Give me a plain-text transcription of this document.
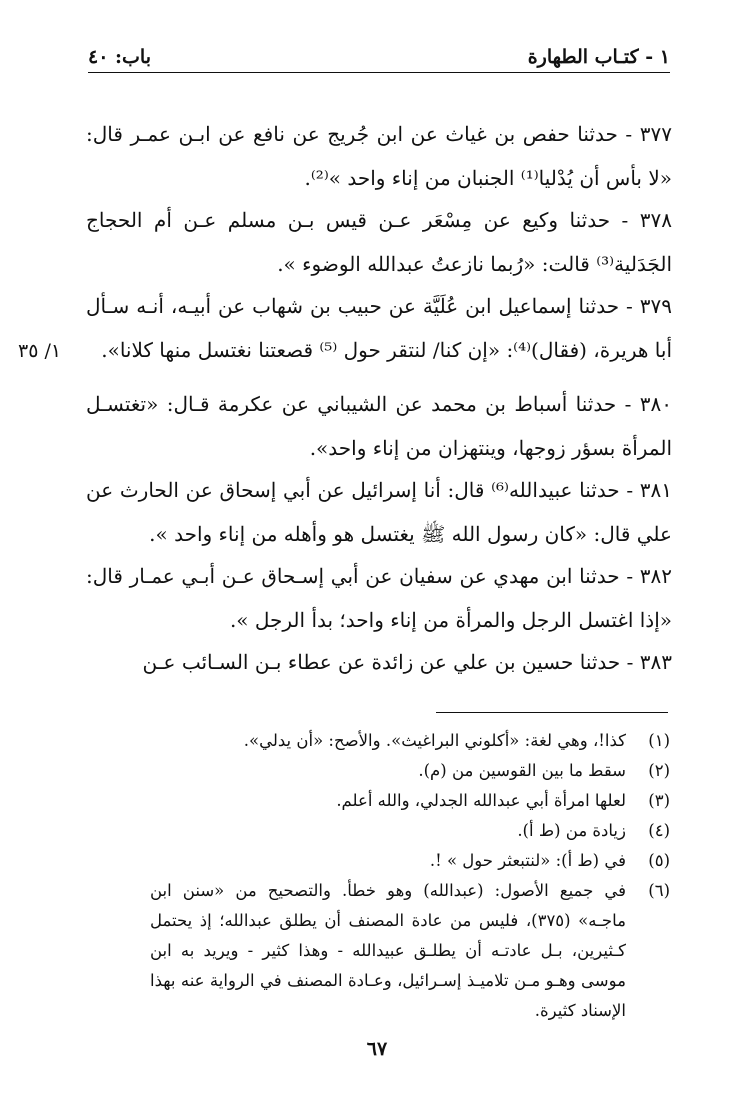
١ - كتـاب الطهارة
باب: ٤٠
١/ ٣٥
٣٧٧ - حدثنا حفص بن غياث عن ابن جُريج عن نافع عن ابـن عمـر قال: «لا بأس أن يُدْليا⁽¹⁾ الجنبان من إناء واحد »⁽²⁾.
٣٧٨ - حدثنا وكيع عن مِسْعَر عـن قيس بـن مسلم عـن أم الحجاج الجَدَلية⁽³⁾ قالت: «رُبما نازعتُ عبدالله الوضوء ».
٣٧٩ - حدثنا إسماعيل ابن عُلَيَّة عن حبيب بن شهاب عن أبيـه، أنـه سـأل أبا هريرة، (فقال)⁽⁴⁾: «إن كنا/ لنتقر حول ⁽⁵⁾ قصعتنا نغتسل منها كلانا».
٣٨٠ - حدثنا أسباط بن محمد عن الشيباني عن عكرمة قـال: «تغتسـل المرأة بسؤر زوجها، وينتهزان من إناء واحد».
٣٨١ - حدثنا عبيدالله⁽⁶⁾ قال: أنا إسرائيل عن أبي إسحاق عن الحارث عن علي قال: «كان رسول الله ﷺ يغتسل هو وأهله من إناء واحد ».
٣٨٢ - حدثنا ابن مهدي عن سفيان عن أبي إسـحاق عـن أبـي عمـار قال: «إذا اغتسل الرجل والمرأة من إناء واحد؛ بدأ الرجل ».
٣٨٣ - حدثنا حسين بن علي عن زائدة عن عطاء بـن السـائب عـن
(١)
كذا!، وهي لغة: «أكلوني البراغيث». والأصح: «أن يدلي».
(٢)
سقط ما بين القوسين من (م).
(٣)
لعلها امرأة أبي عبدالله الجدلي، والله أعلم.
(٤)
زيادة من (ط أ).
(٥)
في (ط أ): «لنتبعثر حول » !.
(٦)
في جميع الأصول: (عبدالله) وهو خطأ. والتصحيح من «سنن ابن ماجـه» (٣٧٥)، فليس من عادة المصنف أن يطلق عبدالله؛ إذ يحتمل كـثيرين، بـل عادتـه أن يطلـق عبيدالله - وهذا كثير - ويريد به ابن موسى وهـو مـن تلاميـذ إسـرائيل، وعـادة المصنف في الرواية عنه بهذا الإسناد كثيرة.
٦٧
